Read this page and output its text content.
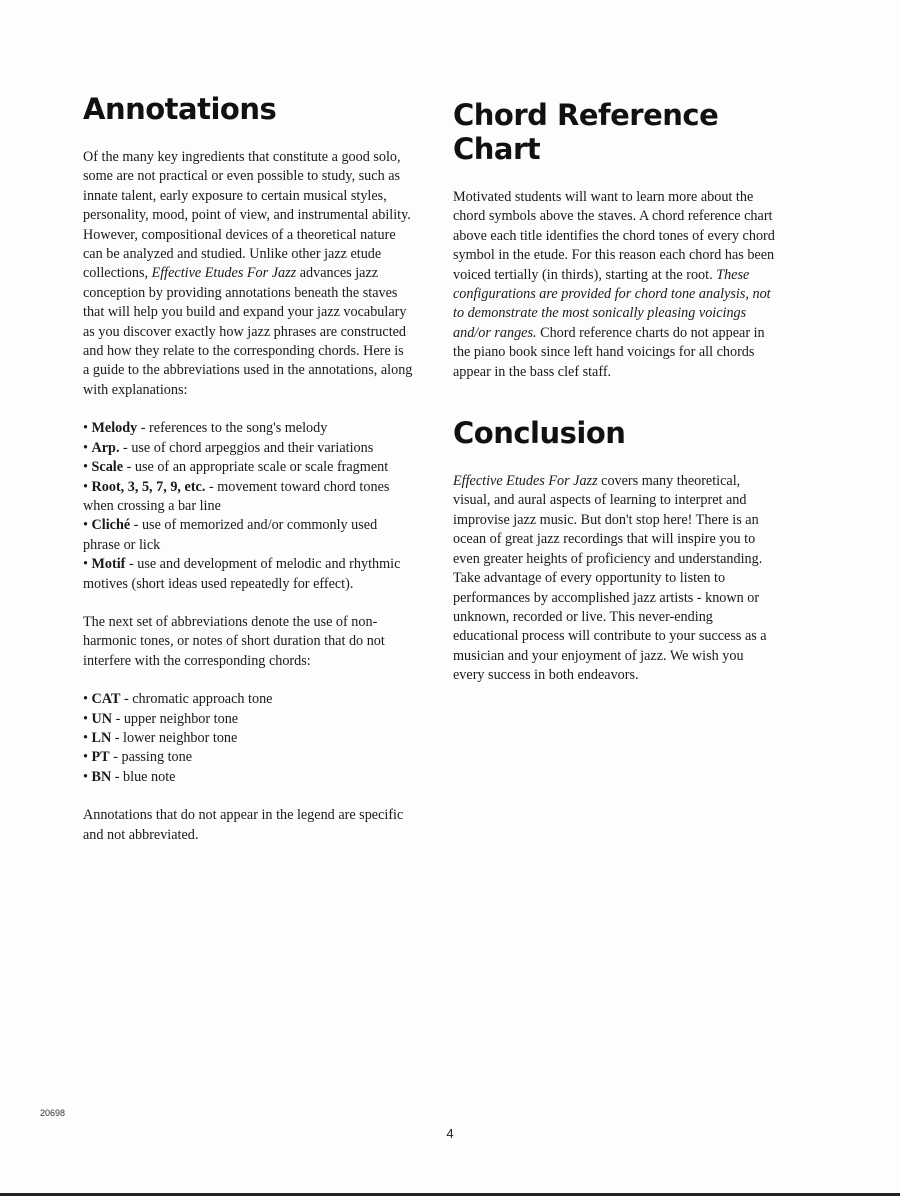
Annotations

Of the many key ingredients that constitute a good solo, some are not practical or even possible to study, such as innate talent, early exposure to certain musical styles, personality, mood, point of view, and instrumental ability. However, compositional devices of a theoretical nature can be analyzed and studied. Unlike other jazz etude collections, Effective Etudes For Jazz advances jazz conception by providing annotations beneath the staves that will help you build and expand your jazz vocabulary as you discover exactly how jazz phrases are constructed and how they relate to the corresponding chords. Here is a guide to the abbreviations used in the annotations, along with explanations:

• Melody - references to the song's melody
• Arp. - use of chord arpeggios and their variations
• Scale - use of an appropriate scale or scale fragment
• Root, 3, 5, 7, 9, etc. - movement toward chord tones when crossing a bar line
• Cliché - use of memorized and/or commonly used phrase or lick
• Motif - use and development of melodic and rhythmic motives (short ideas used repeatedly for effect).

The next set of abbreviations denote the use of non-harmonic tones, or notes of short duration that do not interfere with the corresponding chords:

• CAT - chromatic approach tone
• UN - upper neighbor tone
• LN - lower neighbor tone
• PT - passing tone
• BN - blue note

Annotations that do not appear in the legend are specific and not abbreviated.

Chord Reference
Chart

Motivated students will want to learn more about the chord symbols above the staves. A chord reference chart above each title identifies the chord tones of every chord symbol in the etude. For this reason each chord has been voiced tertially (in thirds), starting at the root. These configurations are provided for chord tone analysis, not to demonstrate the most sonically pleasing voicings and/or ranges. Chord reference charts do not appear in the piano book since left hand voicings for all chords appear in the bass clef staff.

Conclusion

Effective Etudes For Jazz covers many theoretical, visual, and aural aspects of learning to interpret and improvise jazz music. But don't stop here! There is an ocean of great jazz recordings that will inspire you to even greater heights of proficiency and understanding. Take advantage of every opportunity to listen to performances by accomplished jazz artists - known or unknown, recorded or live. This never-ending educational process will contribute to your success as a musician and your enjoyment of jazz. We wish you every success in both endeavors.

20698
4
